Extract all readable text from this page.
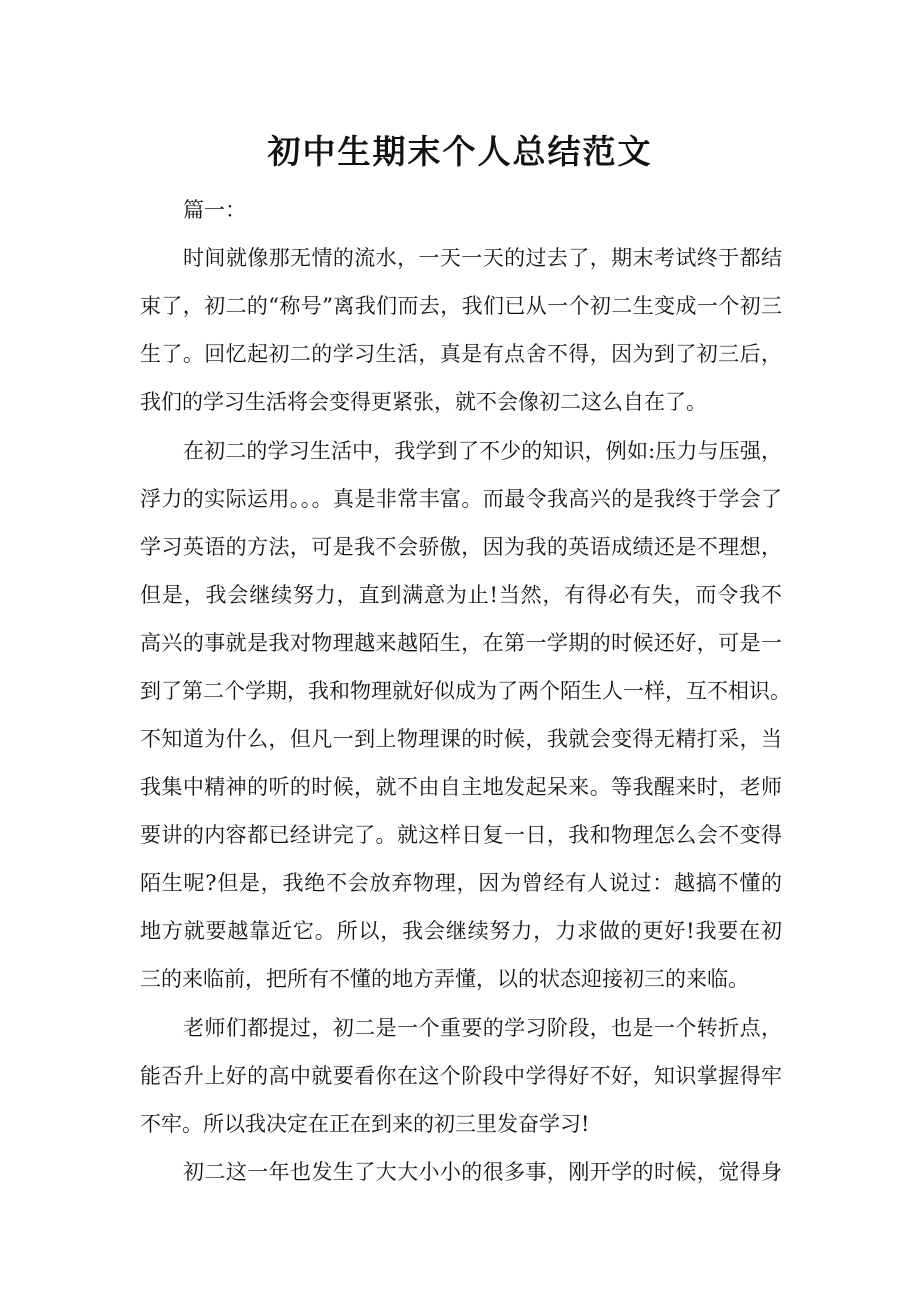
初中生期末个人总结范文

篇一：

时间就像那无情的流水，一天一天的过去了，期末考试终于都结

束了，初二的“称号”离我们而去，我们已从一个初二生变成一个初三

生了。回忆起初二的学习生活，真是有点舍不得，因为到了初三后，

我们的学习生活将会变得更紧张，就不会像初二这么自在了。

在初二的学习生活中，我学到了不少的知识，例如:压力与压强，

浮力的实际运用。。。真是非常丰富。而最令我高兴的是我终于学会了

学习英语的方法，可是我不会骄傲，因为我的英语成绩还是不理想，

但是，我会继续努力，直到满意为止!当然，有得必有失，而令我不

高兴的事就是我对物理越来越陌生，在第一学期的时候还好，可是一

到了第二个学期，我和物理就好似成为了两个陌生人一样，互不相识。

不知道为什么，但凡一到上物理课的时候，我就会变得无精打采，当

我集中精神的听的时候，就不由自主地发起呆来。等我醒来时，老师

要讲的内容都已经讲完了。就这样日复一日，我和物理怎么会不变得

陌生呢?但是，我绝不会放弃物理，因为曾经有人说过：越搞不懂的

地方就要越靠近它。所以，我会继续努力，力求做的更好!我要在初

三的来临前，把所有不懂的地方弄懂，以的状态迎接初三的来临。

老师们都提过，初二是一个重要的学习阶段，也是一个转折点，

能否升上好的高中就要看你在这个阶段中学得好不好，知识掌握得牢

不牢。所以我决定在正在到来的初三里发奋学习!

初二这一年也发生了大大小小的很多事，刚开学的时候，觉得身
